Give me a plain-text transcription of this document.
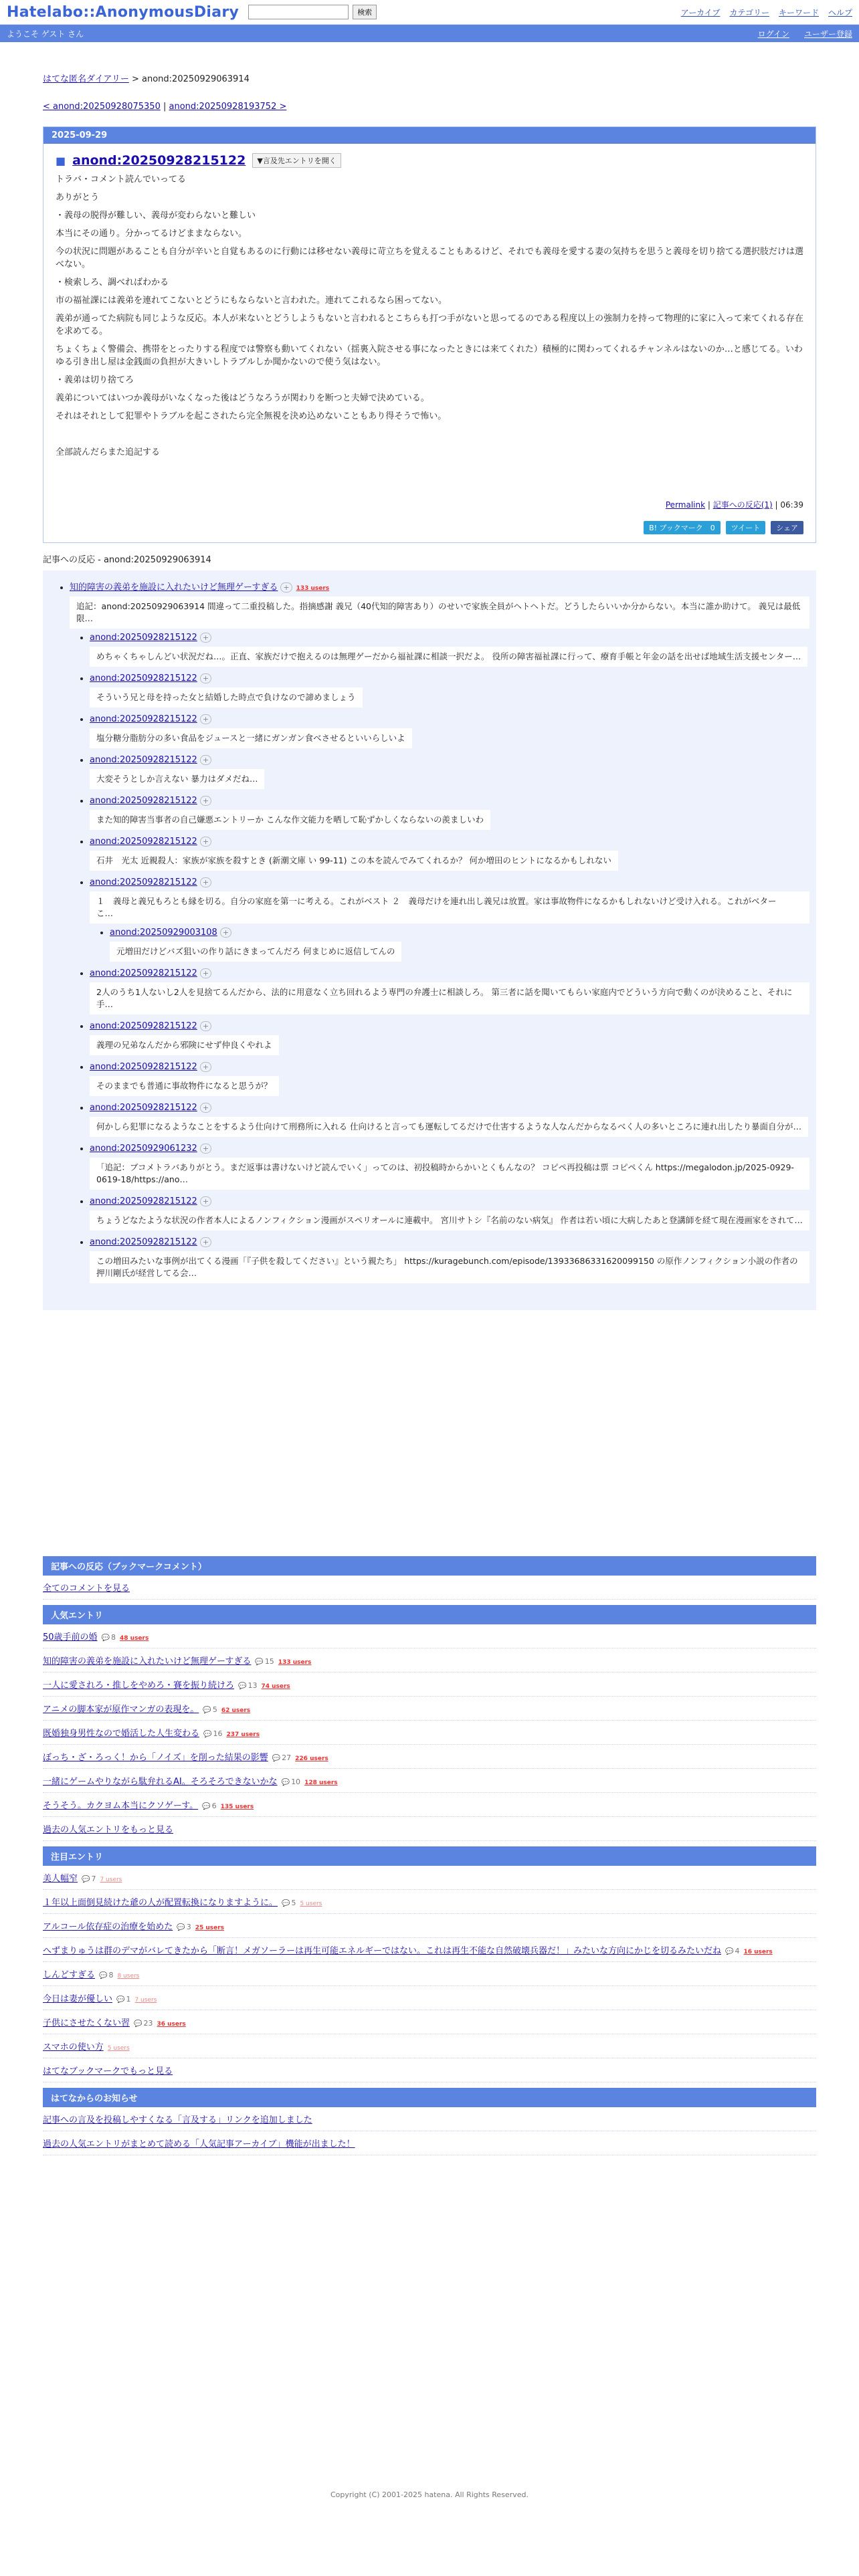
Hatelabo::AnonymousDiary	検索	アーカイブ カテゴリー キーワード ヘルプ
ようこそ ゲスト さん	ログイン ユーザー登録
はてな匿名ダイアリー > anond:20250929063914
< anond:20250928075350 | anond:20250928193752 >
2025-09-29
■ anond:20250928215122	▼言及先エントリを開く

トラバ・コメント読んでいってる

ありがとう

・義母の脱得が難しい、義母が変わらないと難しい

本当にその通り。分かってるけどままならない。

今の状況に問題があることも自分が辛いと自覚もあるのに行動には移せない義母に苛立ちを覚えることもあるけど、それでも義母を愛する妻の気持ちを思うと義母を切り捨てる選択肢だけは選べない。

・検索しろ、調べればわかる

市の福祉課には義弟を連れてこないとどうにもならないと言われた。連れてこれるなら困ってない。

義弟が通ってた病院も同じような反応。本人が来ないとどうしようもないと言われるとこちらも打つ手がないと思ってるのである程度以上の強制力を持って物理的に家に入って来てくれる存在を求めてる。

ちょくちょく警備会、携帯をとったりする程度では警察も動いてくれない（揺裏入院させる事になったときには来てくれた）積極的に関わってくれるチャンネルはないのか…と感じてる。いわゆる引き出し屋は金銭面の負担が大きいしトラブルしか聞かないので使う気はない。

・義弟は切り捨てろ

義弟についてはいつか義母がいなくなった後はどうなろうが関わりを断つと夫婦で決めている。

それはそれとして犯罪やトラブルを起こされたら完全無視を決め込めないこともあり得そうで怖い。

全部読んだらまた追記する

Permalink | 記事への反応(1) | 06:39
B! ブックマーク　0	ツイート	シェア
記事への反応 - anond:20250929063914
• 知的障害の義弟を施設に入れたいけど無理ゲーすぎる + 133 users 追記：anond:20250929063914 間違って二重投稿した。指摘感謝 義兄（40代知的障害あり）のせいで家族全員がヘトヘトだ。どうしたらいいか分からない。本当に誰か助けて。 義兄は最低限…
• anond:20250928215122 +
めちゃくちゃしんどい状況だね…。正直、家族だけで抱えるのは無理ゲーだから福祉課に相談一択だよ。 役所の障害福祉課に行って、療育手帳と年金の話を出せば地域生活支援センター…
• anond:20250928215122 +
そういう兄と母を持った女と結婚した時点で負けなので諦めましょう
• anond:20250928215122 +
塩分糖分脂肪分の多い食品をジュースと一緒にガンガン食べさせるといいらしいよ
• anond:20250928215122 +
大変そうとしか言えない 暴力はダメだね…
• anond:20250928215122 +
また知的障害当事者の自己嫌悪エントリーか こんな作文能力を晒して恥ずかしくならないの羨ましいわ
• anond:20250928215122 +
石井　光太 近親殺人：家族が家族を殺すとき (新潮文庫 い 99-11) この本を読んでみてくれるか？ 何か増田のヒントになるかもしれない
• anond:20250928215122 +
１　義母と義兄もろとも縁を切る。自分の家庭を第一に考える。これがベスト ２　義母だけを連れ出し義兄は放置。家は事故物件になるかもしれないけど受け入れる。これがベター　　 こ…
• anond:20250929003108 +
元増田だけどバズ狙いの作り話にきまってんだろ 何まじめに返信してんの
• anond:20250928215122 +
2人のうち1人ないし2人を見捨てるんだから、法的に用意なく立ち回れるよう専門の弁護士に相談しろ。 第三者に話を聞いてもらい家庭内でどういう方向で動くのが決めること、それに手…
• anond:20250928215122 +
義理の兄弟なんだから邪険にせず仲良くやれよ
• anond:20250928215122 +
そのままでも普通に事故物件になると思うが？
• anond:20250928215122 +
何かしら犯罪になるようなことをするよう仕向けて刑務所に入れる 仕向けると言っても運転してるだけで仕害するような人なんだからなるべく人の多いところに連れ出したり暴面自分が…
• anond:20250929061232 +
「追記：ブコメトラバありがとう。まだ返事は書けないけど読んでいく」ってのは、初投稿時からかいとくもんなの？ コピペ再投稿は票 コピペくん https://megalodon.jp/2025-0929-0619-18/https://ano…
• anond:20250928215122 +
ちょうどなたような状況の作者本人によるノンフィクション漫画がスペリオールに連載中。 宮川サトシ『名前のない病気』 作者は若い頃に大病したあと登講師を経て現在漫画家をされて…
• anond:20250928215122 +
この増田みたいな事例が出てくる漫画「『子供を殺してください』という親たち」 https://kuragebunch.com/episode/13933686331620099150 の原作ノンフィクション小説の作者の押川剛氏が経営してる会…
記事への反応（ブックマークコメント）
全てのコメントを見る
人気エントリ
50歳手前の婚 💬 8 48 users
知的障害の義弟を施設に入れたいけど無理ゲーすぎる 💬 15 133 users
一人に愛されろ・推しをやめろ・賽を振り続けろ 💬 13 74 users
アニメの脚本家が原作マンガの表現を。 💬 5 62 users
既婚独身男性なので婚活した人生変わる 💬 16 237 users
ぼっち・ざ・ろっく！から「ノイズ」を削った結果の影響 💬 27 226 users
一緒にゲームやりながら駄弁れるAI。そろそろできないかな 💬 10 128 users
そうそう。カクヨム本当にクソゲーす。 💬 6 135 users
過去の人気エントリをもっと見る
注目エントリ
美人幅窄 💬 7 7 users
１年以上面倒見続けた爺の人が配置転換になりますように。 💬 5 5 users
アルコール依存症の治療を始めた 💬 3 25 users
へずまりゅうは群のデマがバレてきたから「断言！メガソーラーは再生可能エネルギーではない。これは再生不能な自然破壊兵器だ！」みたいな方向にかじを切るみたいだね 💬 4 16 users
しんどすぎる 💬 8 8 users
今日は妻が優しい 💬 1 7 users
子供にさせたくない習 💬 23 36 users
スマホの使い方 5 users
はてなブックマークでもっと見る
はてなからのお知らせ
記事への言及を投稿しやすくなる「言及する」リンクを追加しました
過去の人気エントリがまとめて読める「人気記事アーカイブ」機能が出ました！
Copyright (C) 2001-2025 hatena. All Rights Reserved.
